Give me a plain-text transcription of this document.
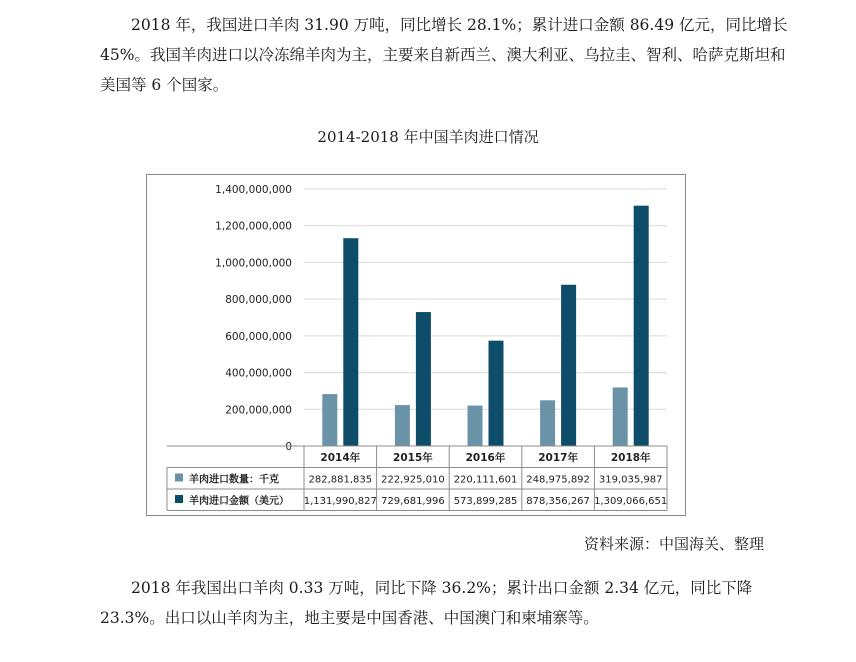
2018 年，我国进口羊肉 31.90 万吨，同比增长 28.1%；累计进口金额 86.49 亿元，同比增长 45%。我国羊肉进口以冷冻绵羊肉为主，主要来自新西兰、澳大利亚、乌拉圭、智利、哈萨克斯坦和美国等 6 个国家。

2014-2018 年中国羊肉进口情况
0
200,000,000
400,000,000
600,000,000
800,000,000
1,000,000,000
1,200,000,000
1,400,000,000
2014年	2015年	2016年	2017年	2018年
羊肉进口数量：千克	282,881,835 222,925,010 220,111,601 248,975,892 319,035,987
羊肉进口金额（美元） 1,131,990,827 729,681,996 573,899,285 878,356,267 1,309,066,651
资料来源：中国海关、整理

2018 年我国出口羊肉 0.33 万吨，同比下降 36.2%；累计出口金额 2.34 亿元，同比下降 23.3%。出口以山羊肉为主，地主要是中国香港、中国澳门和柬埔寨等。
